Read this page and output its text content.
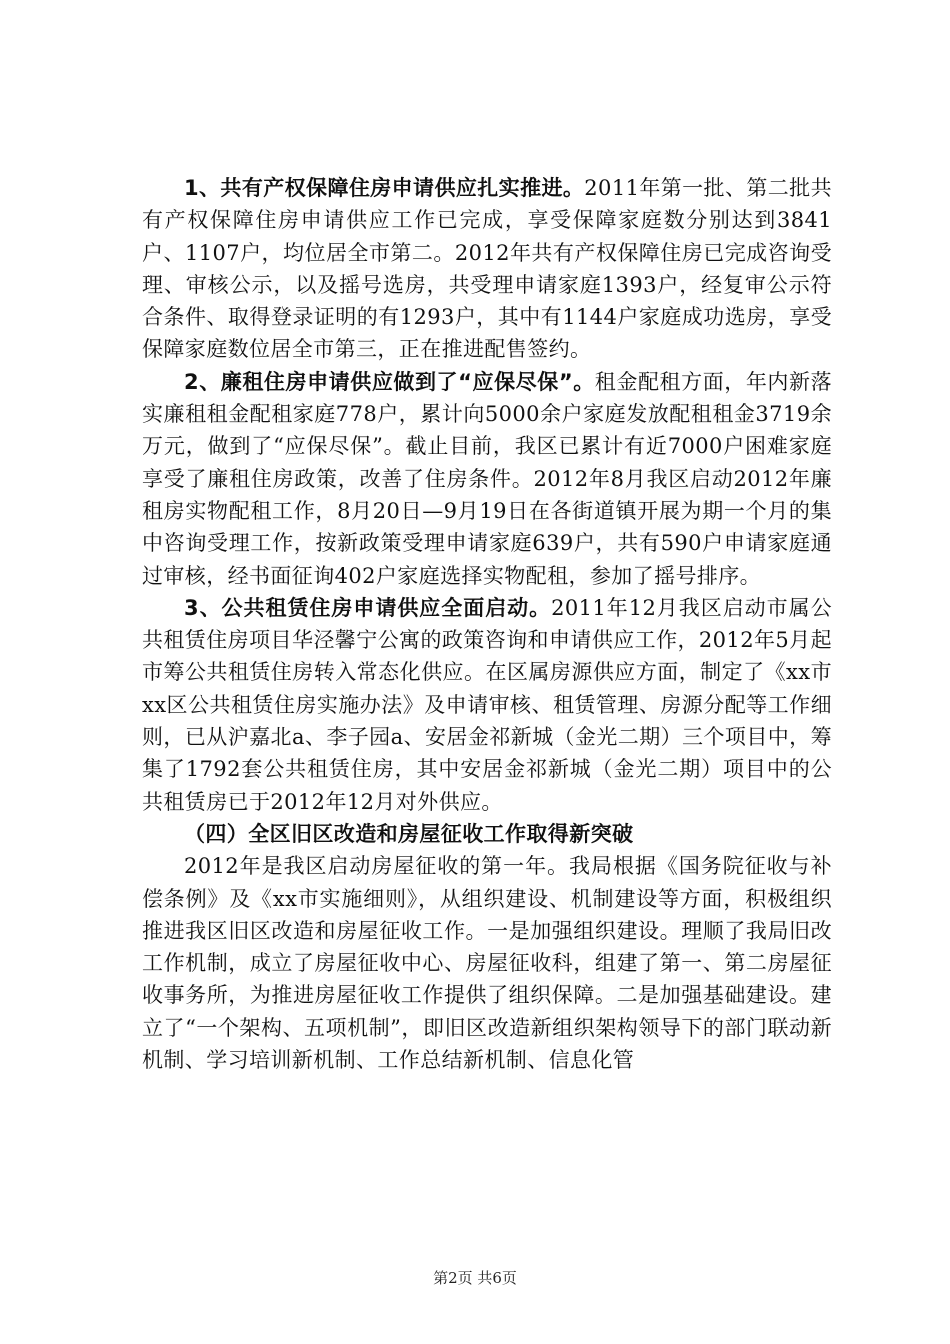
1、共有产权保障住房申请供应扎实推进。2011年第一批、第二批共有产权保障住房申请供应工作已完成，享受保障家庭数分别达到3841户、1107户，均位居全市第二。2012年共有产权保障住房已完成咨询受理、审核公示，以及摇号选房，共受理申请家庭1393户，经复审公示符合条件、取得登录证明的有1293户，其中有1144户家庭成功选房，享受保障家庭数位居全市第三，正在推进配售签约。

2、廉租住房申请供应做到了“应保尽保”。租金配租方面，年内新落实廉租租金配租家庭778户，累计向5000余户家庭发放配租租金3719余万元，做到了“应保尽保”。截止目前，我区已累计有近7000户困难家庭享受了廉租住房政策，改善了住房条件。2012年8月我区启动2012年廉租房实物配租工作，8月20日—9月19日在各街道镇开展为期一个月的集中咨询受理工作，按新政策受理申请家庭639户，共有590户申请家庭通过审核，经书面征询402户家庭选择实物配租，参加了摇号排序。

3、公共租赁住房申请供应全面启动。2011年12月我区启动市属公共租赁住房项目华泾馨宁公寓的政策咨询和申请供应工作，2012年5月起市筹公共租赁住房转入常态化供应。在区属房源供应方面，制定了《xx市xx区公共租赁住房实施办法》及申请审核、租赁管理、房源分配等工作细则，已从沪嘉北a、李子园a、安居金祁新城（金光二期）三个项目中，筹集了1792套公共租赁住房，其中安居金祁新城（金光二期）项目中的公共租赁房已于2012年12月对外供应。

（四）全区旧区改造和房屋征收工作取得新突破

2012年是我区启动房屋征收的第一年。我局根据《国务院征收与补偿条例》及《xx市实施细则》，从组织建设、机制建设等方面，积极组织推进我区旧区改造和房屋征收工作。一是加强组织建设。理顺了我局旧改工作机制，成立了房屋征收中心、房屋征收科，组建了第一、第二房屋征收事务所，为推进房屋征收工作提供了组织保障。二是加强基础建设。建立了“一个架构、五项机制”，即旧区改造新组织架构领导下的部门联动新机制、学习培训新机制、工作总结新机制、信息化管

第2页 共6页
